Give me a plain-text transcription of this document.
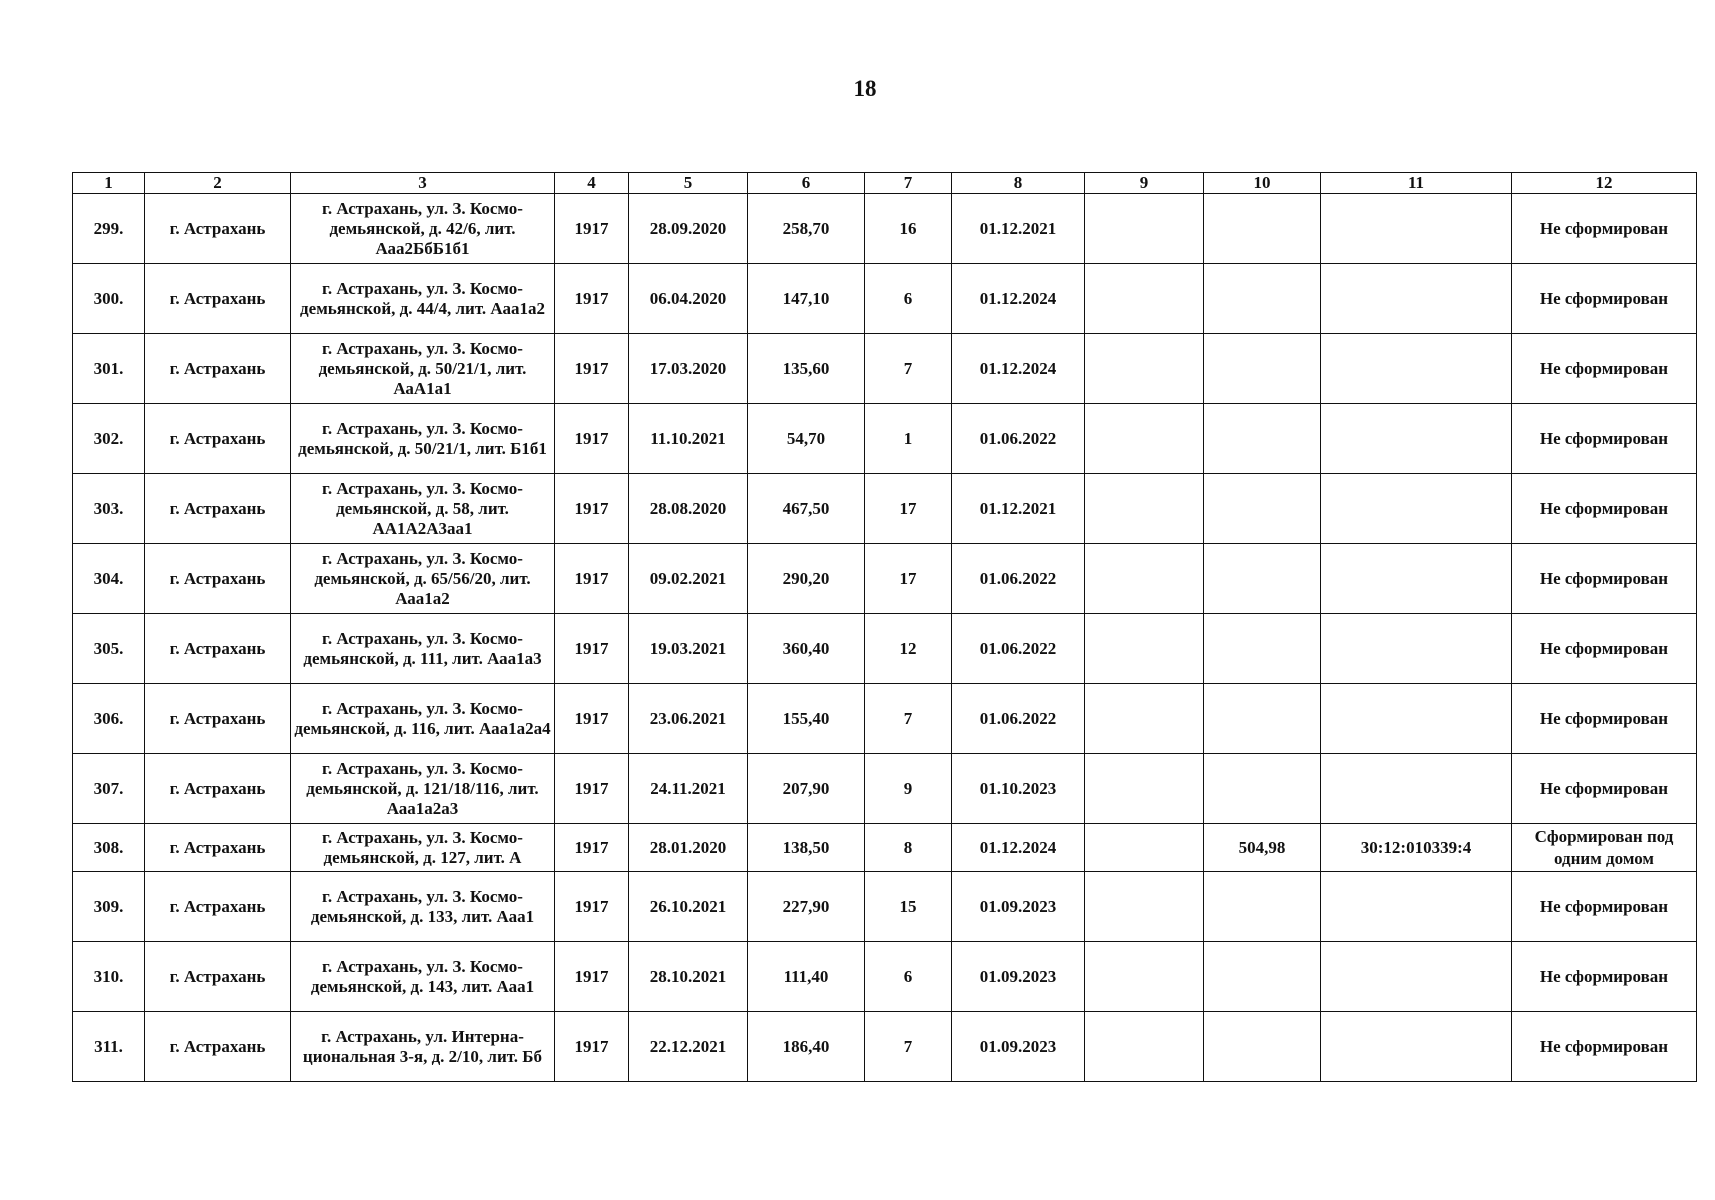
18
1	2	3	4	5	6	7	8	9	10	11	12
299.	г. Астрахань	г. Астрахань, ул. З. Космо-демьянской, д. 42/6, лит. Ааа2БбБ1б1	1917	28.09.2020	258,70	16	01.12.2021				Не сформирован
300.	г. Астрахань	г. Астрахань, ул. З. Космо-демьянской, д. 44/4, лит. Ааа1а2	1917	06.04.2020	147,10	6	01.12.2024				Не сформирован
301.	г. Астрахань	г. Астрахань, ул. З. Космо-демьянской, д. 50/21/1, лит. АаА1а1	1917	17.03.2020	135,60	7	01.12.2024				Не сформирован
302.	г. Астрахань	г. Астрахань, ул. З. Космо-демьянской, д. 50/21/1, лит. Б1б1	1917	11.10.2021	54,70	1	01.06.2022				Не сформирован
303.	г. Астрахань	г. Астрахань, ул. З. Космо-демьянской, д. 58, лит. АА1А2А3аа1	1917	28.08.2020	467,50	17	01.12.2021				Не сформирован
304.	г. Астрахань	г. Астрахань, ул. З. Космо-демьянской, д. 65/56/20, лит. Ааа1а2	1917	09.02.2021	290,20	17	01.06.2022				Не сформирован
305.	г. Астрахань	г. Астрахань, ул. З. Космо-демьянской, д. 111, лит. Ааа1а3	1917	19.03.2021	360,40	12	01.06.2022				Не сформирован
306.	г. Астрахань	г. Астрахань, ул. З. Космо-демьянской, д. 116, лит. Ааа1а2а4	1917	23.06.2021	155,40	7	01.06.2022				Не сформирован
307.	г. Астрахань	г. Астрахань, ул. З. Космо-демьянской, д. 121/18/116, лит. Ааа1а2а3	1917	24.11.2021	207,90	9	01.10.2023				Не сформирован
308.	г. Астрахань	г. Астрахань, ул. З. Космо-демьянской, д. 127, лит. А	1917	28.01.2020	138,50	8	01.12.2024		504,98	30:12:010339:4	Сформирован под одним домом
309.	г. Астрахань	г. Астрахань, ул. З. Космо-демьянской, д. 133, лит. Ааа1	1917	26.10.2021	227,90	15	01.09.2023				Не сформирован
310.	г. Астрахань	г. Астрахань, ул. З. Космо-демьянской, д. 143, лит. Ааа1	1917	28.10.2021	111,40	6	01.09.2023				Не сформирован
311.	г. Астрахань	г. Астрахань, ул. Интерна-циональная 3-я, д. 2/10, лит. Бб	1917	22.12.2021	186,40	7	01.09.2023				Не сформирован
